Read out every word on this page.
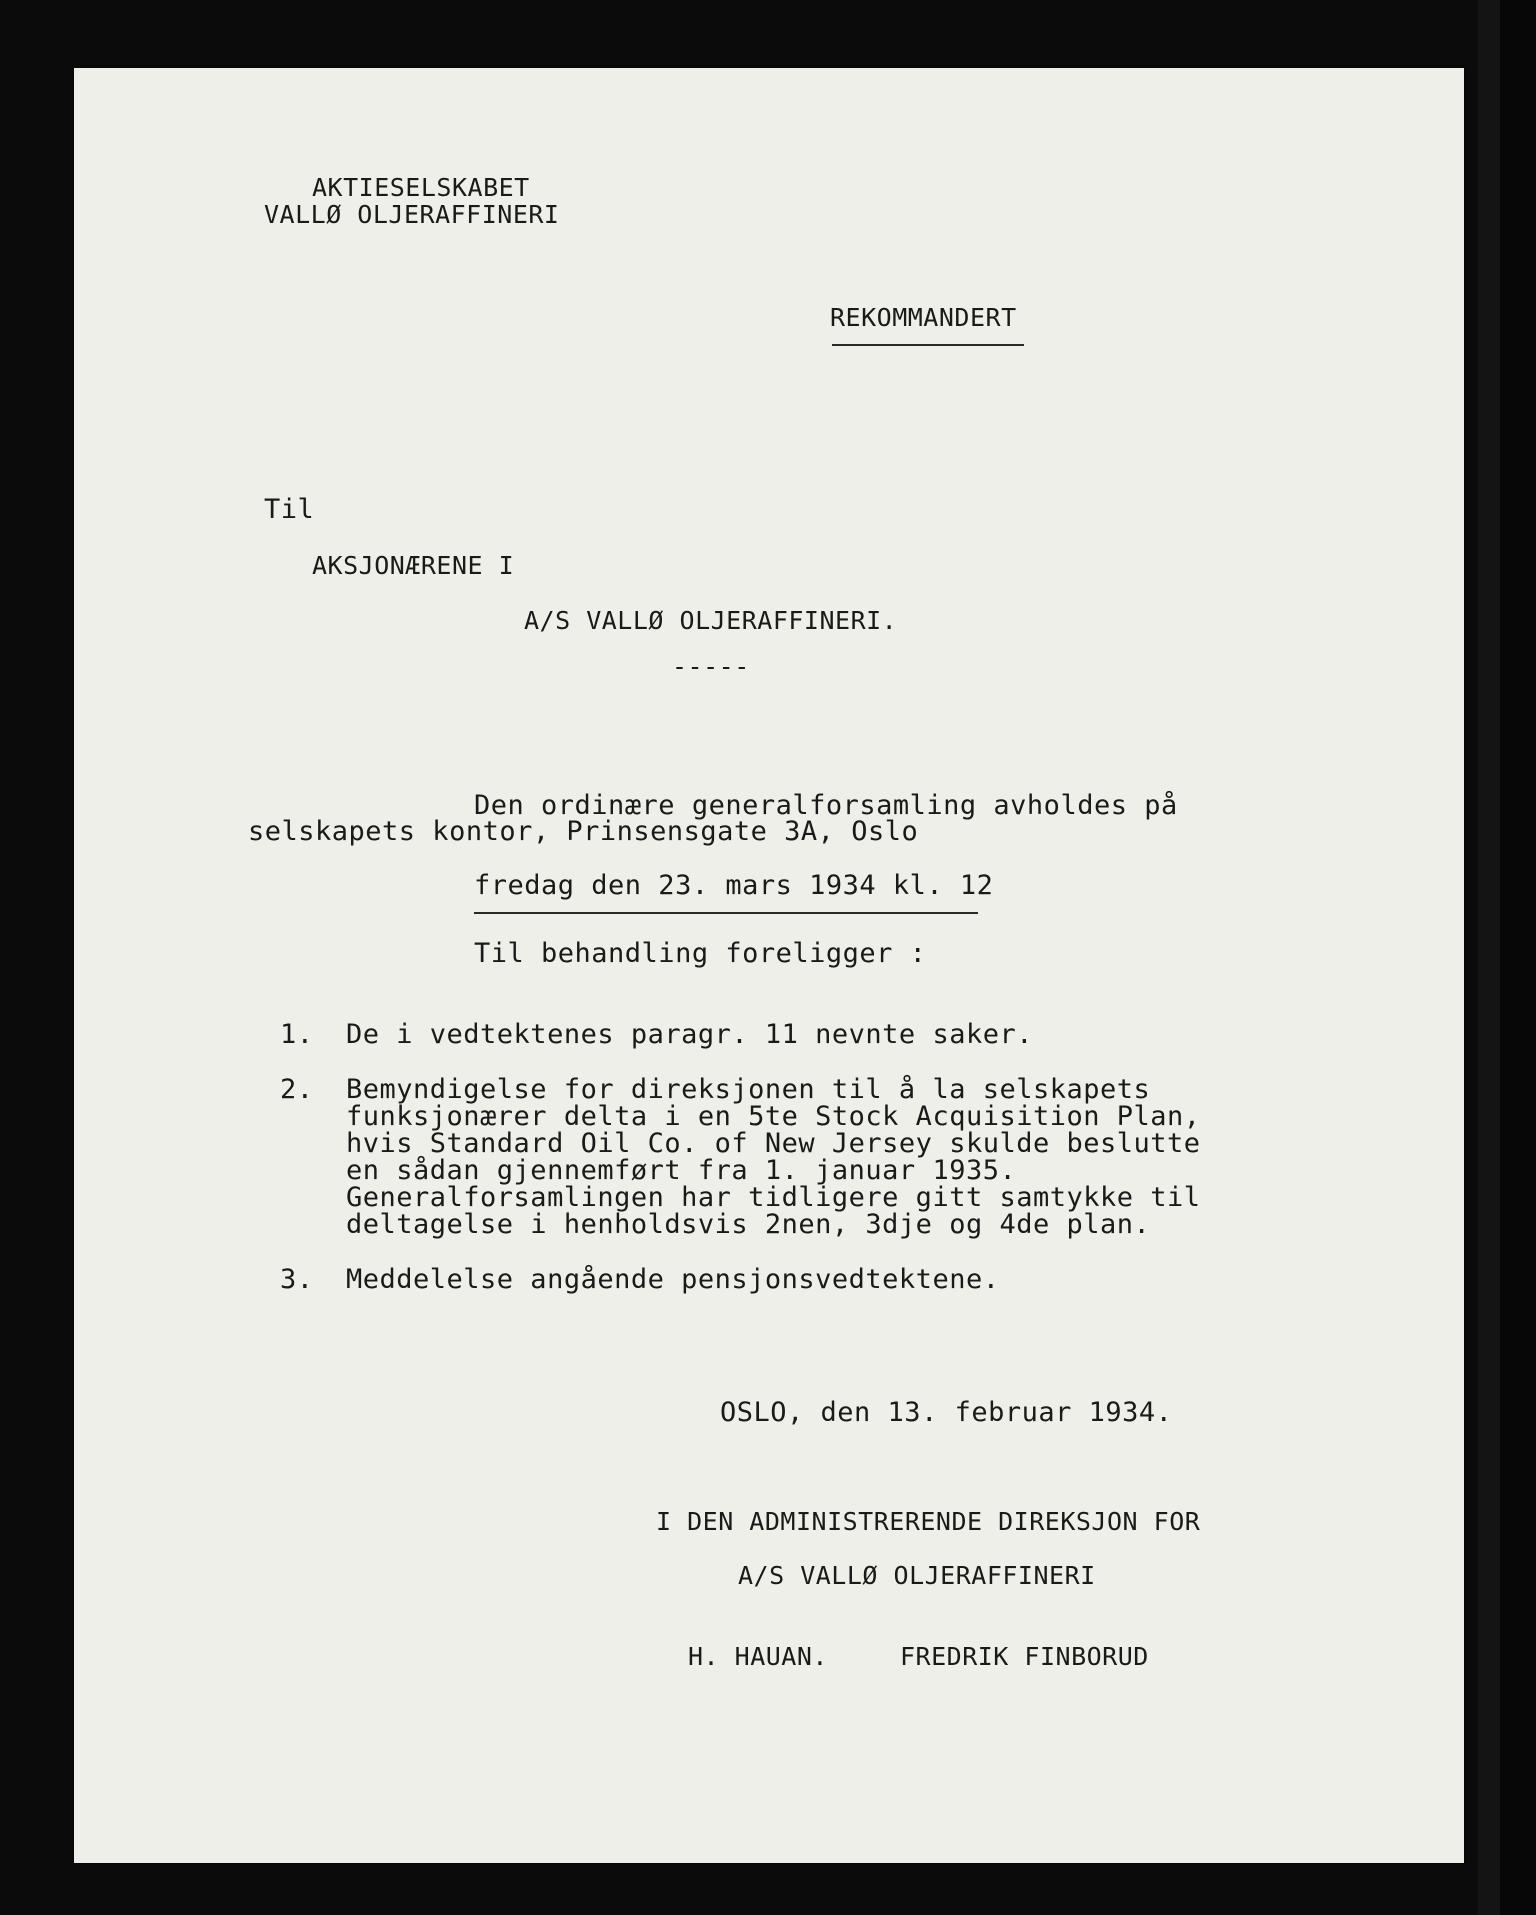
AKTIESELSKABET
VALLØ OLJERAFFINERI
REKOMMANDERT
Til
AKSJONÆRENE I
A/S VALLØ OLJERAFFINERI.
-----
Den ordinære generalforsamling avholdes på
selskapets kontor, Prinsensgate 3A, Oslo
fredag den 23. mars 1934 kl. 12
Til behandling foreligger :
1. De i vedtektenes paragr. 11 nevnte saker.
2. Bemyndigelse for direksjonen til å la selskapets
funksjonærer delta i en 5te Stock Acquisition Plan,
hvis Standard Oil Co. of New Jersey skulde beslutte
en sådan gjennemført fra 1. januar 1935.
Generalforsamlingen har tidligere gitt samtykke til
deltagelse i henholdsvis 2nen, 3dje og 4de plan.
3. Meddelelse angående pensjonsvedtektene.
OSLO, den 13. februar 1934.
I DEN ADMINISTRERENDE DIREKSJON FOR
A/S VALLØ OLJERAFFINERI
H. HAUAN.	FREDRIK FINBORUD
